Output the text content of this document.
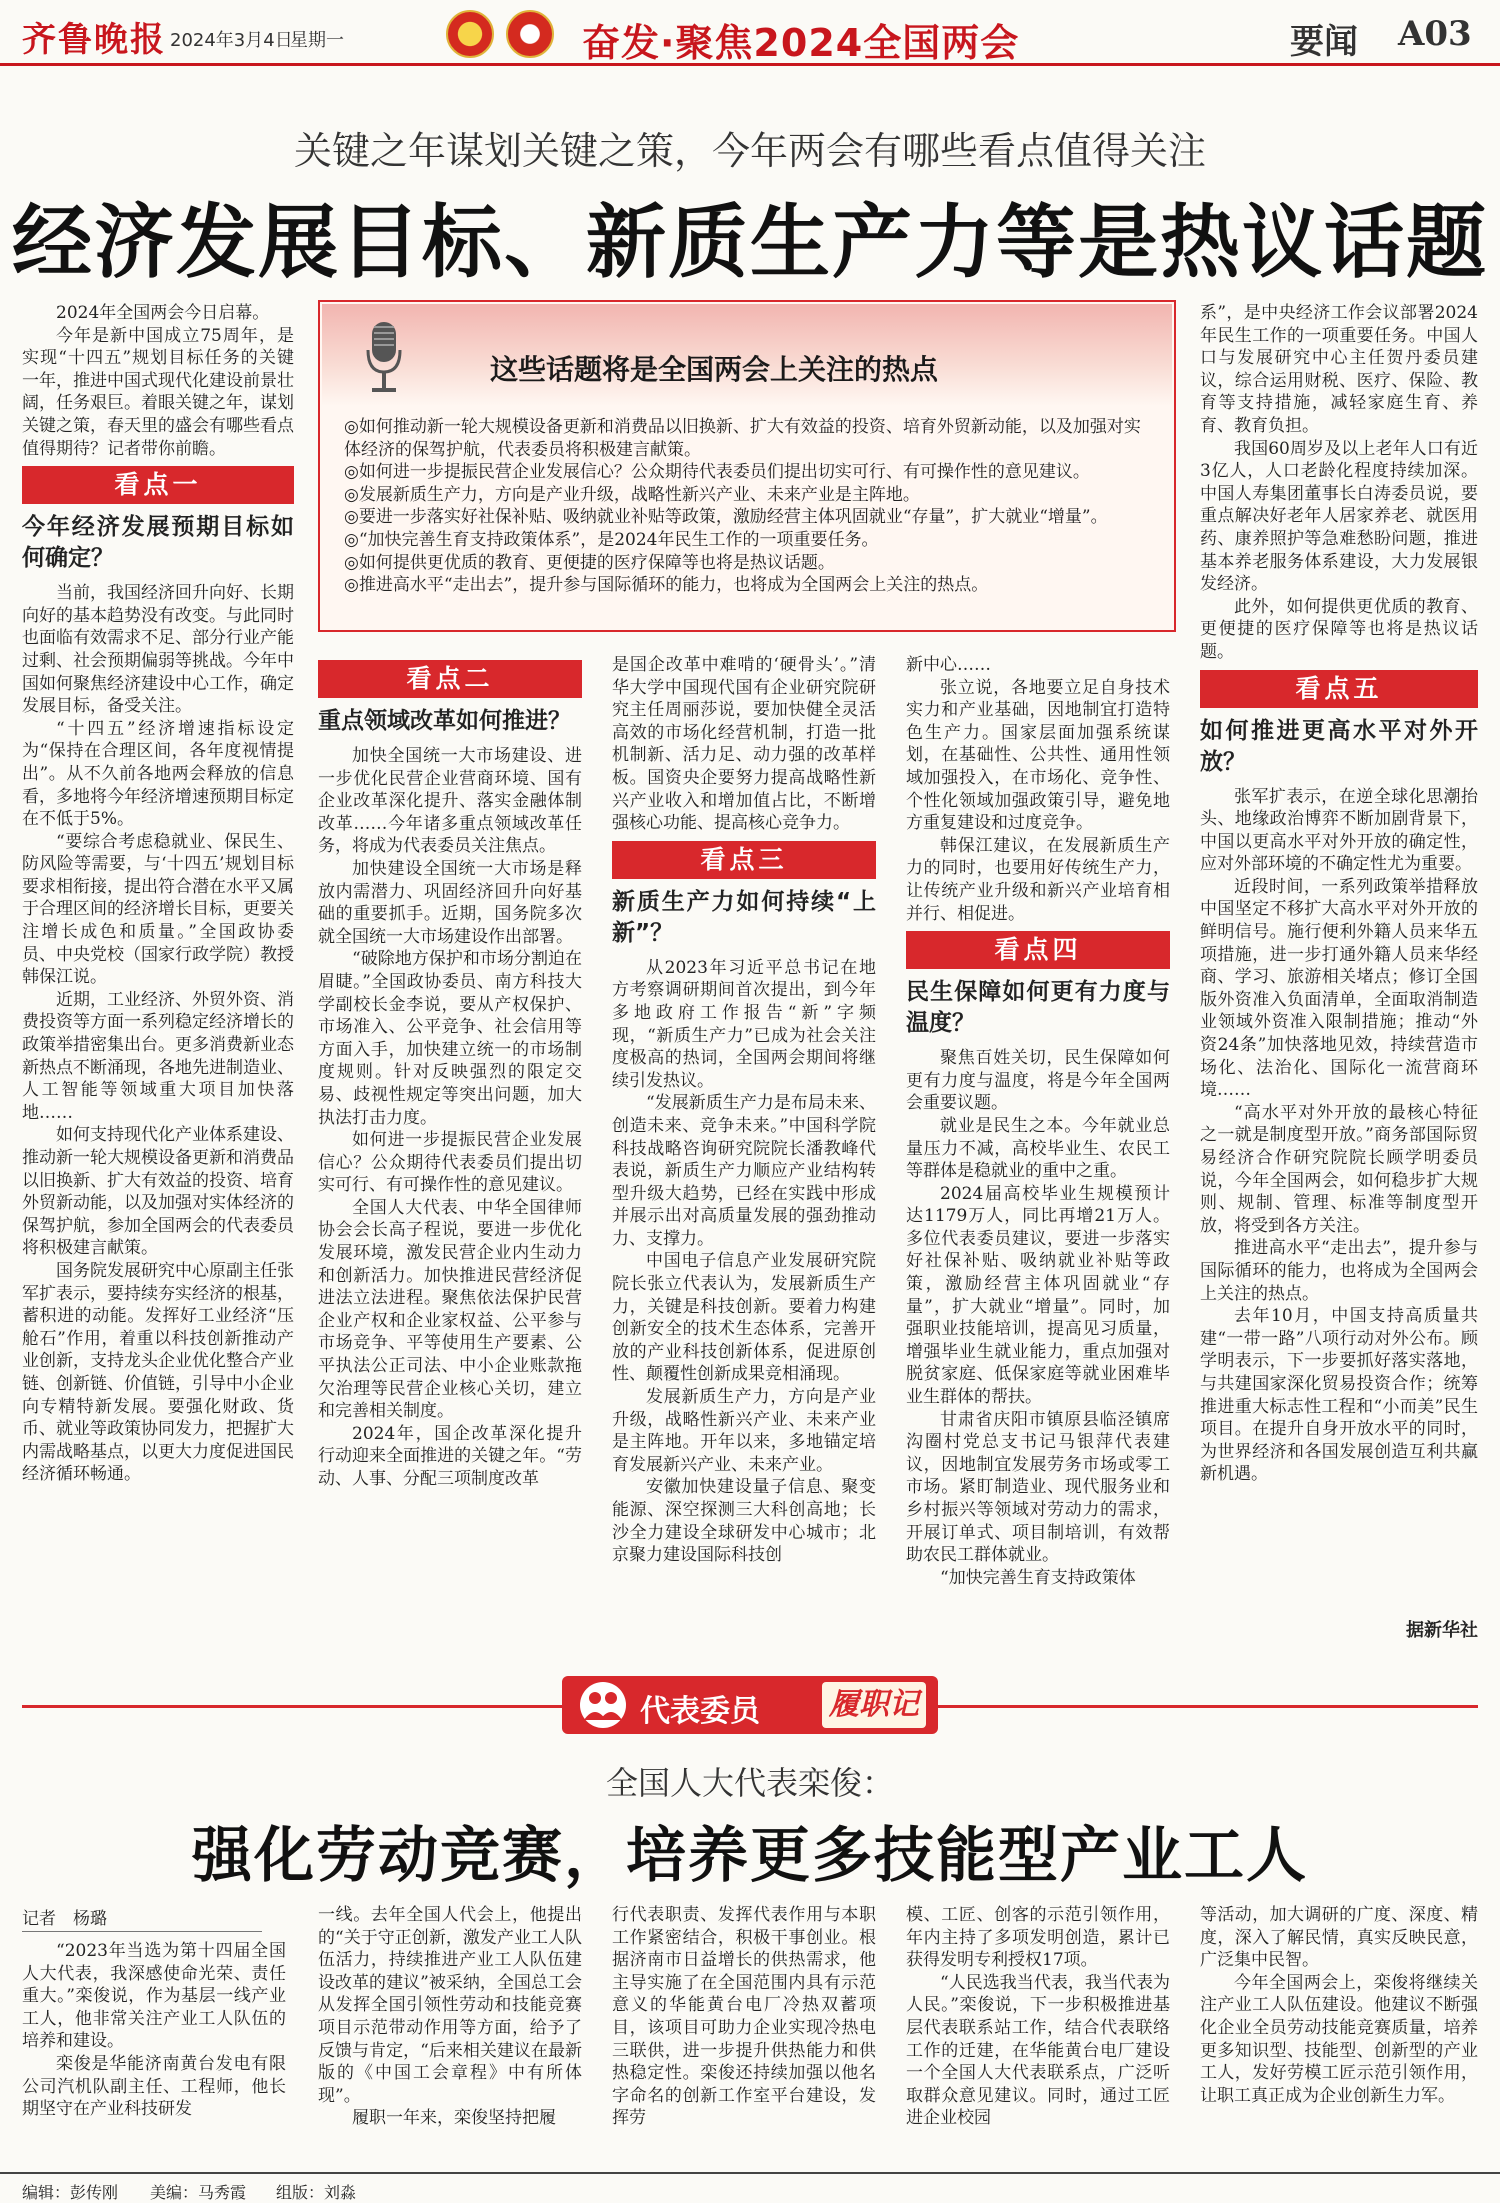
齐鲁晚报 2024年3月4日
星期一	奋发·聚焦2024全国两会	要闻 A03
关键之年谋划关键之策，今年两会有哪些看点值得关注
经济发展目标、新质生产力等是热议话题

2024年全国两会今日启幕。

今年是新中国成立75周年，是实现“十四五”规划目标任务的关键一年，推进中国式现代化建设前景壮阔，任务艰巨。着眼关键之年，谋划关键之策，春天里的盛会有哪些看点值得期待？记者带你前瞻。

看点一
今年经济发展预期目标如何确定？

当前，我国经济回升向好、长期向好的基本趋势没有改变。与此同时也面临有效需求不足、部分行业产能过剩、社会预期偏弱等挑战。今年中国如何聚焦经济建设中心工作，确定发展目标，备受关注。

“十四五”经济增速指标设定为“保持在合理区间，各年度视情提出”。从不久前各地两会释放的信息看，多地将今年经济增速预期目标定在不低于5%。

“要综合考虑稳就业、保民生、防风险等需要，与‘十四五’规划目标要求相衔接，提出符合潜在水平又属于合理区间的经济增长目标，更要关注增长成色和质量。”全国政协委员、中央党校（国家行政学院）教授韩保江说。

近期，工业经济、外贸外资、消费投资等方面一系列稳定经济增长的政策举措密集出台。更多消费新业态新热点不断涌现，各地先进制造业、人工智能等领域重大项目加快落地……

如何支持现代化产业体系建设、推动新一轮大规模设备更新和消费品以旧换新、扩大有效益的投资、培育外贸新动能，以及加强对实体经济的保驾护航，参加全国两会的代表委员将积极建言献策。

国务院发展研究中心原副主任张军扩表示，要持续夯实经济的根基，蓄积进的动能。发挥好工业经济“压舱石”作用，着重以科技创新推动产业创新，支持龙头企业优化整合产业链、创新链、价值链，引导中小企业向专精特新发展。要强化财政、货币、就业等政策协同发力，把握扩大内需战略基点，以更大力度促进国民经济循环畅通。

这些话题将是全国两会上关注的热点
◎如何推动新一轮大规模设备更新和消费品以旧换新、扩大有效益的投资、培育外贸新动能，以及加强对实体经济的保驾护航，代表委员将积极建言献策。
◎如何进一步提振民营企业发展信心？公众期待代表委员们提出切实可行、有可操作性的意见建议。
◎发展新质生产力，方向是产业升级，战略性新兴产业、未来产业是主阵地。
◎要进一步落实好社保补贴、吸纳就业补贴等政策，激励经营主体巩固就业“存量”，扩大就业“增量”。
◎“加快完善生育支持政策体系”，是2024年民生工作的一项重要任务。
◎如何提供更优质的教育、更便捷的医疗保障等也将是热议话题。
◎推进高水平“走出去”，提升参与国际循环的能力，也将成为全国两会上关注的热点。
看点二
重点领域改革如何推进？

加快全国统一大市场建设、进一步优化民营企业营商环境、国有企业改革深化提升、落实金融体制改革……今年诸多重点领域改革任务，将成为代表委员关注焦点。

加快建设全国统一大市场是释放内需潜力、巩固经济回升向好基础的重要抓手。近期，国务院多次就全国统一大市场建设作出部署。

“破除地方保护和市场分割迫在眉睫。”全国政协委员、南方科技大学副校长金李说，要从产权保护、市场准入、公平竞争、社会信用等方面入手，加快建立统一的市场制度规则。针对反映强烈的限定交易、歧视性规定等突出问题，加大执法打击力度。

如何进一步提振民营企业发展信心？公众期待代表委员们提出切实可行、有可操作性的意见建议。

全国人大代表、中华全国律师协会会长高子程说，要进一步优化发展环境，激发民营企业内生动力和创新活力。加快推进民营经济促进法立法进程。聚焦依法保护民营企业产权和企业家权益、公平参与市场竞争、平等使用生产要素、公平执法公正司法、中小企业账款拖欠治理等民营企业核心关切，建立和完善相关制度。

2024年，国企改革深化提升行动迎来全面推进的关键之年。“劳动、人事、分配三项制度改革

是国企改革中难啃的‘硬骨头’。”清华大学中国现代国有企业研究院研究主任周丽莎说，要加快健全灵活高效的市场化经营机制，打造一批机制新、活力足、动力强的改革样板。国资央企要努力提高战略性新兴产业收入和增加值占比，不断增强核心功能、提高核心竞争力。

看点三
新质生产力如何持续“上新”？

从2023年习近平总书记在地方考察调研期间首次提出，到今年多地政府工作报告“新”字频现，“新质生产力”已成为社会关注度极高的热词，全国两会期间将继续引发热议。

“发展新质生产力是布局未来、创造未来、竞争未来。”中国科学院科技战略咨询研究院院长潘教峰代表说，新质生产力顺应产业结构转型升级大趋势，已经在实践中形成并展示出对高质量发展的强劲推动力、支撑力。

中国电子信息产业发展研究院院长张立代表认为，发展新质生产力，关键是科技创新。要着力构建创新安全的技术生态体系，完善开放的产业科技创新体系，促进原创性、颠覆性创新成果竞相涌现。

发展新质生产力，方向是产业升级，战略性新兴产业、未来产业是主阵地。开年以来，多地锚定培育发展新兴产业、未来产业。

安徽加快建设量子信息、聚变能源、深空探测三大科创高地；长沙全力建设全球研发中心城市；北京聚力建设国际科技创

新中心……

张立说，各地要立足自身技术实力和产业基础，因地制宜打造特色生产力。国家层面加强系统谋划，在基础性、公共性、通用性领域加强投入，在市场化、竞争性、个性化领域加强政策引导，避免地方重复建设和过度竞争。

韩保江建议，在发展新质生产力的同时，也要用好传统生产力，让传统产业升级和新兴产业培育相并行、相促进。

看点四
民生保障如何更有力度与温度？

聚焦百姓关切，民生保障如何更有力度与温度，将是今年全国两会重要议题。

就业是民生之本。今年就业总量压力不减，高校毕业生、农民工等群体是稳就业的重中之重。

2024届高校毕业生规模预计达1179万人，同比再增21万人。多位代表委员建议，要进一步落实好社保补贴、吸纳就业补贴等政策，激励经营主体巩固就业“存量”，扩大就业“增量”。同时，加强职业技能培训，提高见习质量，增强毕业生就业能力，重点加强对脱贫家庭、低保家庭等就业困难毕业生群体的帮扶。

甘肃省庆阳市镇原县临泾镇席沟圈村党总支书记马银萍代表建议，因地制宜发展劳务市场或零工市场。紧盯制造业、现代服务业和乡村振兴等领域对劳动力的需求，开展订单式、项目制培训，有效帮助农民工群体就业。

“加快完善生育支持政策体

系”，是中央经济工作会议部署2024年民生工作的一项重要任务。中国人口与发展研究中心主任贺丹委员建议，综合运用财税、医疗、保险、教育等支持措施，减轻家庭生育、养育、教育负担。

我国60周岁及以上老年人口有近3亿人，人口老龄化程度持续加深。中国人寿集团董事长白涛委员说，要重点解决好老年人居家养老、就医用药、康养照护等急难愁盼问题，推进基本养老服务体系建设，大力发展银发经济。

此外，如何提供更优质的教育、更便捷的医疗保障等也将是热议话题。

看点五
如何推进更高水平对外开放？

张军扩表示，在逆全球化思潮抬头、地缘政治博弈不断加剧背景下，中国以更高水平对外开放的确定性，应对外部环境的不确定性尤为重要。

近段时间，一系列政策举措释放中国坚定不移扩大高水平对外开放的鲜明信号。施行便利外籍人员来华五项措施，进一步打通外籍人员来华经商、学习、旅游相关堵点；修订全国版外资准入负面清单，全面取消制造业领域外资准入限制措施；推动“外资24条”加快落地见效，持续营造市场化、法治化、国际化一流营商环境……

“高水平对外开放的最核心特征之一就是制度型开放。”商务部国际贸易经济合作研究院院长顾学明委员说，今年全国两会，如何稳步扩大规则、规制、管理、标准等制度型开放，将受到各方关注。

推进高水平“走出去”，提升参与国际循环的能力，也将成为全国两会上关注的热点。

去年10月，中国支持高质量共建“一带一路”八项行动对外公布。顾学明表示，下一步要抓好落实落地，与共建国家深化贸易投资合作；统筹推进重大标志性工程和“小而美”民生项目。在提升自身开放水平的同时，为世界经济和各国发展创造互利共赢新机遇。

据新华社
代表委员 履职记
全国人大代表栾俊：
强化劳动竞赛，培养更多技能型产业工人
记者　杨璐

“2023年当选为第十四届全国人大代表，我深感使命光荣、责任重大。”栾俊说，作为基层一线产业工人，他非常关注产业工人队伍的培养和建设。

栾俊是华能济南黄台发电有限公司汽机队副主任、工程师，他长期坚守在产业科技研发

一线。去年全国人代会上，他提出的“关于守正创新，激发产业工人队伍活力，持续推进产业工人队伍建设改革的建议”被采纳，全国总工会从发挥全国引领性劳动和技能竞赛项目示范带动作用等方面，给予了反馈与肯定，“后来相关建议在最新版的《中国工会章程》中有所体现”。

履职一年来，栾俊坚持把履

行代表职责、发挥代表作用与本职工作紧密结合，积极干事创业。根据济南市日益增长的供热需求，他主导实施了在全国范围内具有示范意义的华能黄台电厂冷热双蓄项目，该项目可助力企业实现冷热电三联供，进一步提升供热能力和供热稳定性。栾俊还持续加强以他名字命名的创新工作室平台建设，发挥劳

模、工匠、创客的示范引领作用，年内主持了多项发明创造，累计已获得发明专利授权17项。

“人民选我当代表，我当代表为人民。”栾俊说，下一步积极推进基层代表联系站工作，结合代表联络工作的迁建，在华能黄台电厂建设一个全国人大代表联系点，广泛听取群众意见建议。同时，通过工匠进企业校园

等活动，加大调研的广度、深度、精度，深入了解民情，真实反映民意，广泛集中民智。

今年全国两会上，栾俊将继续关注产业工人队伍建设。他建议不断强化企业全员劳动技能竞赛质量，培养更多知识型、技能型、创新型的产业工人，发好劳模工匠示范引领作用，让职工真正成为企业创新生力军。

编辑：彭传刚 美编：马秀霞 组版：刘淼
